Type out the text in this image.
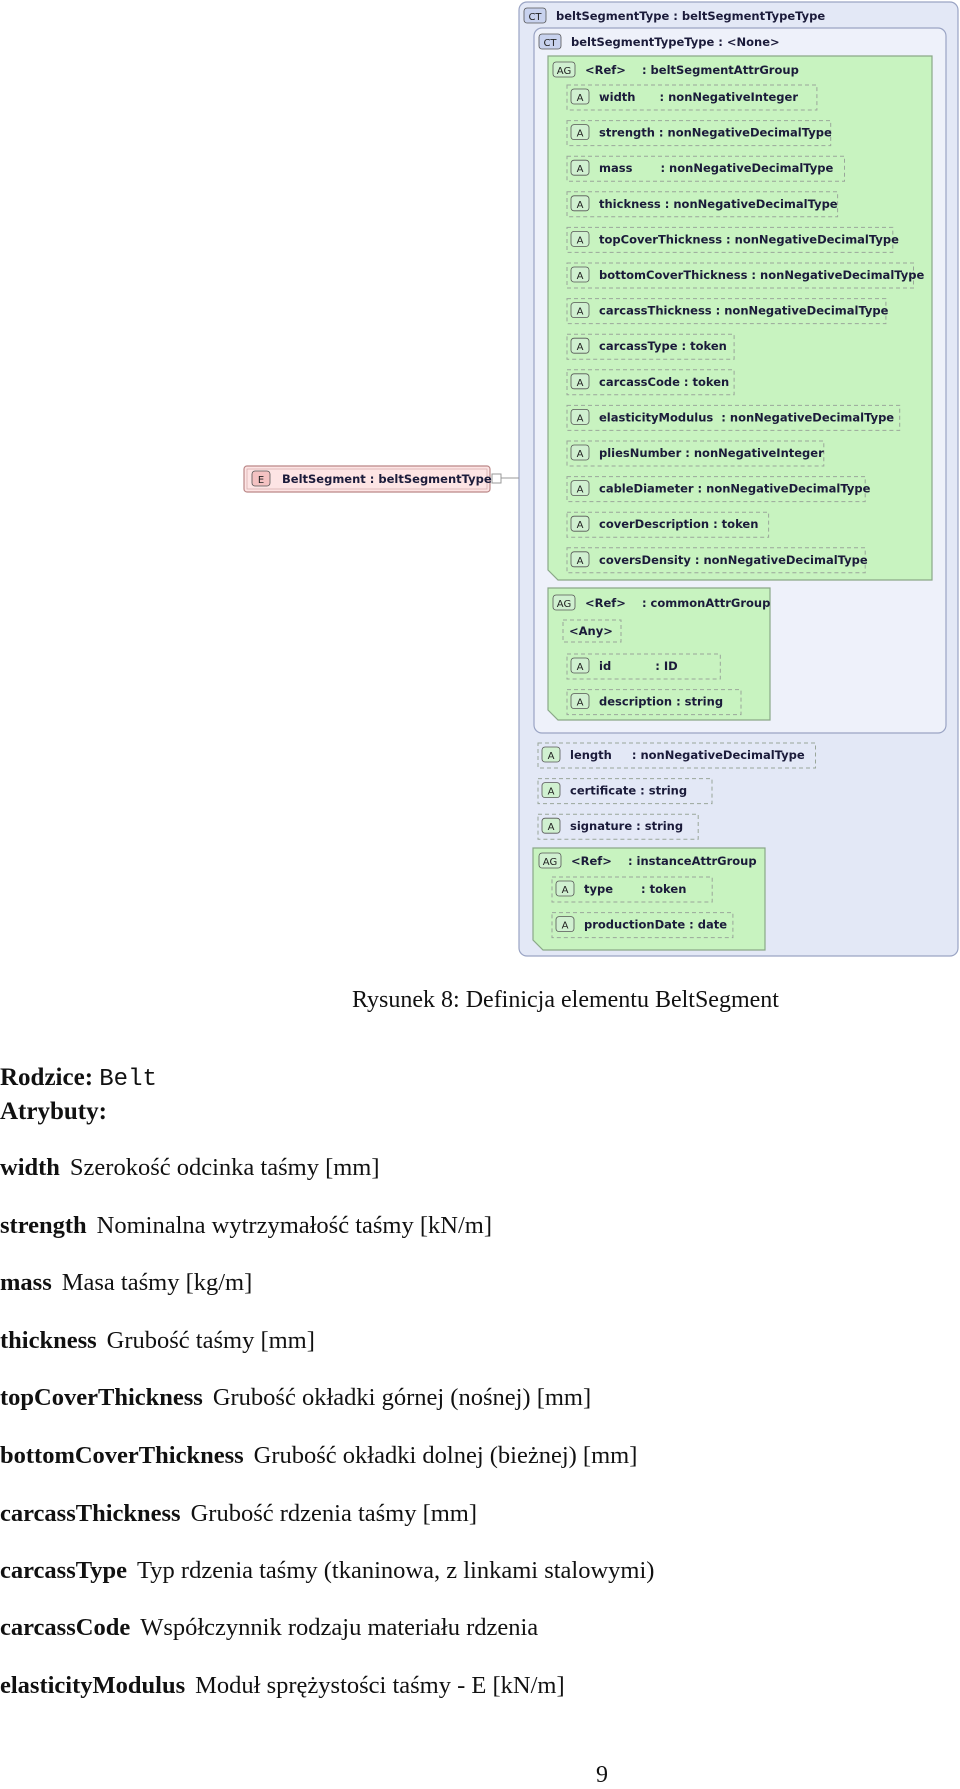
CT beltSegmentType : beltSegmentTypeType
CT beltSegmentTypeType : <None>
AG <Ref>    : beltSegmentAttrGroup
A width      : nonNegativeInteger
A strength : nonNegativeDecimalType
A mass       : nonNegativeDecimalType
A thickness : nonNegativeDecimalType
A topCoverThickness : nonNegativeDecimalType
A bottomCoverThickness : nonNegativeDecimalType
A carcassThickness : nonNegativeDecimalType
A carcassType : token
A carcassCode : token
A elasticityModulus  : nonNegativeDecimalType
A pliesNumber : nonNegativeInteger
A cableDiameter : nonNegativeDecimalType
A coverDescription : token
A coversDensity : nonNegativeDecimalType
AG <Ref>    : commonAttrGroup
<Any>
A id           : ID
A description : string
A length     : nonNegativeDecimalType
A certificate : string
A signature : string
AG <Ref>    : instanceAttrGroup
A type       : token
A productionDate : date
E BeltSegment : beltSegmentType
Rysunek 8: Definicja elementu BeltSegment
Rodzice: Belt
Atrybuty:
width Szerokość odcinka taśmy [mm]
strength Nominalna wytrzymałość taśmy [kN/m]
mass Masa taśmy [kg/m]
thickness Grubość taśmy [mm]
topCoverThickness Grubość okładki górnej (nośnej) [mm]
bottomCoverThickness Grubość okładki dolnej (bieżnej) [mm]
carcassThickness Grubość rdzenia taśmy [mm]
carcassType Typ rdzenia taśmy (tkaninowa, z linkami stalowymi)
carcassCode Współczynnik rodzaju materiału rdzenia
elasticityModulus Moduł sprężystości taśmy - E [kN/m]
9
